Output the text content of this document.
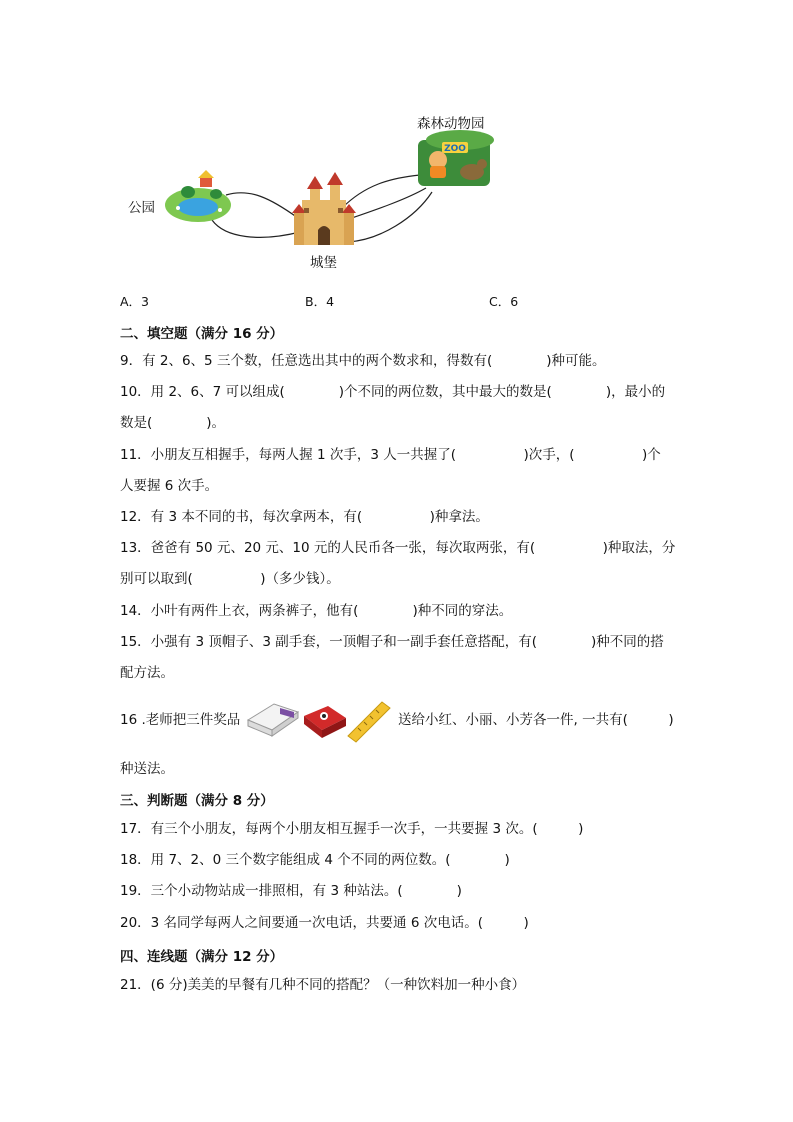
ZOO
公园
城堡
森林动物园
A．3	B．4	C．6
二、填空题（满分 16 分）
9．有 2、6、5 三个数，任意选出其中的两个数求和，得数有(　　　　)种可能。
10．用 2、6、7 可以组成(　　　　)个不同的两位数，其中最大的数是(　　　　)，最小的
数是(　　　　)。
11．小朋友互相握手，每两人握 1 次手，3 人一共握了(　　　　　)次手，(　　　　　)个
人要握 6 次手。
12．有 3 本不同的书，每次拿两本，有(　　　　　)种拿法。
13．爸爸有 50 元、20 元、10 元的人民币各一张，每次取两张，有(　　　　　)种取法，分
别可以取到(　　　　　)（多少钱）。
14．小叶有两件上衣，两条裤子，他有(　　　　)种不同的穿法。
15．小强有 3 顶帽子、3 副手套，一顶帽子和一副手套任意搭配，有(　　　　)种不同的搭
配方法。
16 .老师把三件奖品	送给小红、小丽、小芳各一件, 一共有(　　　)
种送法。
三、判断题（满分 8 分）
17．有三个小朋友，每两个小朋友相互握手一次手，一共要握 3 次。(　　　)
18．用 7、2、0 三个数字能组成 4 个不同的两位数。(　　　　)
19．三个小动物站成一排照相，有 3 种站法。(　　　　)
20．3 名同学每两人之间要通一次电话，共要通 6 次电话。(　　　)
四、连线题（满分 12 分）
21．(6 分)美美的早餐有几种不同的搭配？（一种饮料加一种小食）
